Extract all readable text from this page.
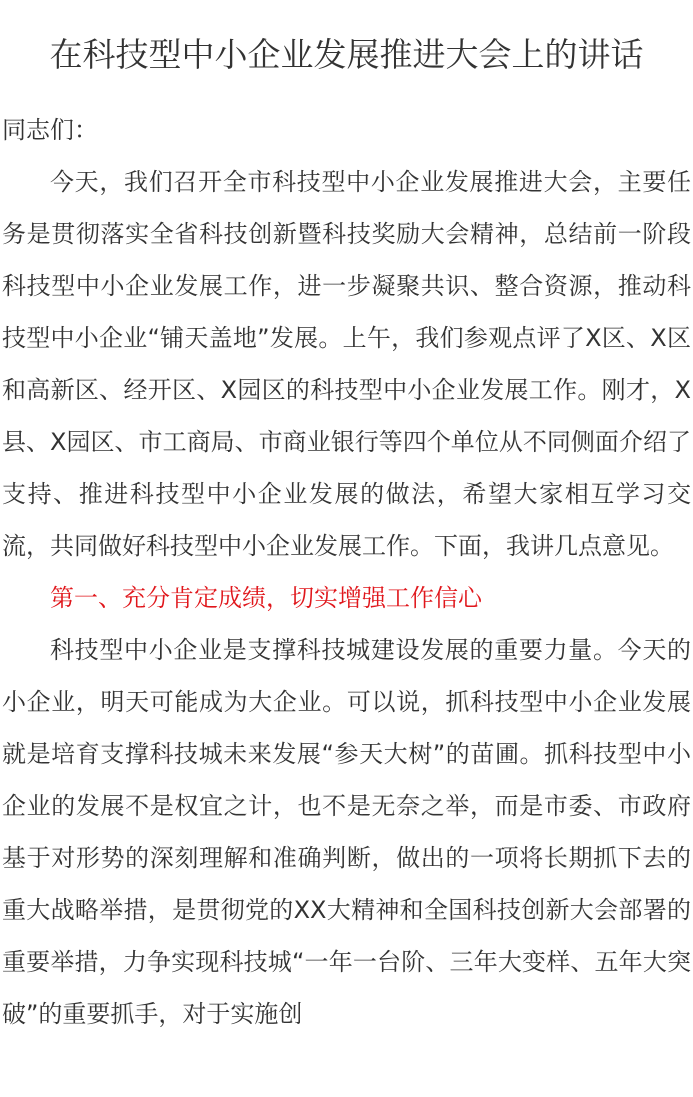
在科技型中小企业发展推进大会上的讲话

同志们：

今天，我们召开全市科技型中小企业发展推进大会，主要任务是贯彻落实全省科技创新暨科技奖励大会精神，总结前一阶段科技型中小企业发展工作，进一步凝聚共识、整合资源，推动科技型中小企业“铺天盖地”发展。上午，我们参观点评了X区、X区和高新区、经开区、X园区的科技型中小企业发展工作。刚才，X县、X园区、市工商局、市商业银行等四个单位从不同侧面介绍了支持、推进科技型中小企业发展的做法，希望大家相互学习交流，共同做好科技型中小企业发展工作。下面，我讲几点意见。

第一、充分肯定成绩，切实增强工作信心

科技型中小企业是支撑科技城建设发展的重要力量。今天的小企业，明天可能成为大企业。可以说，抓科技型中小企业发展就是培育支撑科技城未来发展“参天大树”的苗圃。抓科技型中小企业的发展不是权宜之计，也不是无奈之举，而是市委、市政府基于对形势的深刻理解和准确判断，做出的一项将长期抓下去的重大战略举措，是贯彻党的XX大精神和全国科技创新大会部署的重要举措，力争实现科技城“一年一台阶、三年大变样、五年大突破”的重要抓手，对于实施创
